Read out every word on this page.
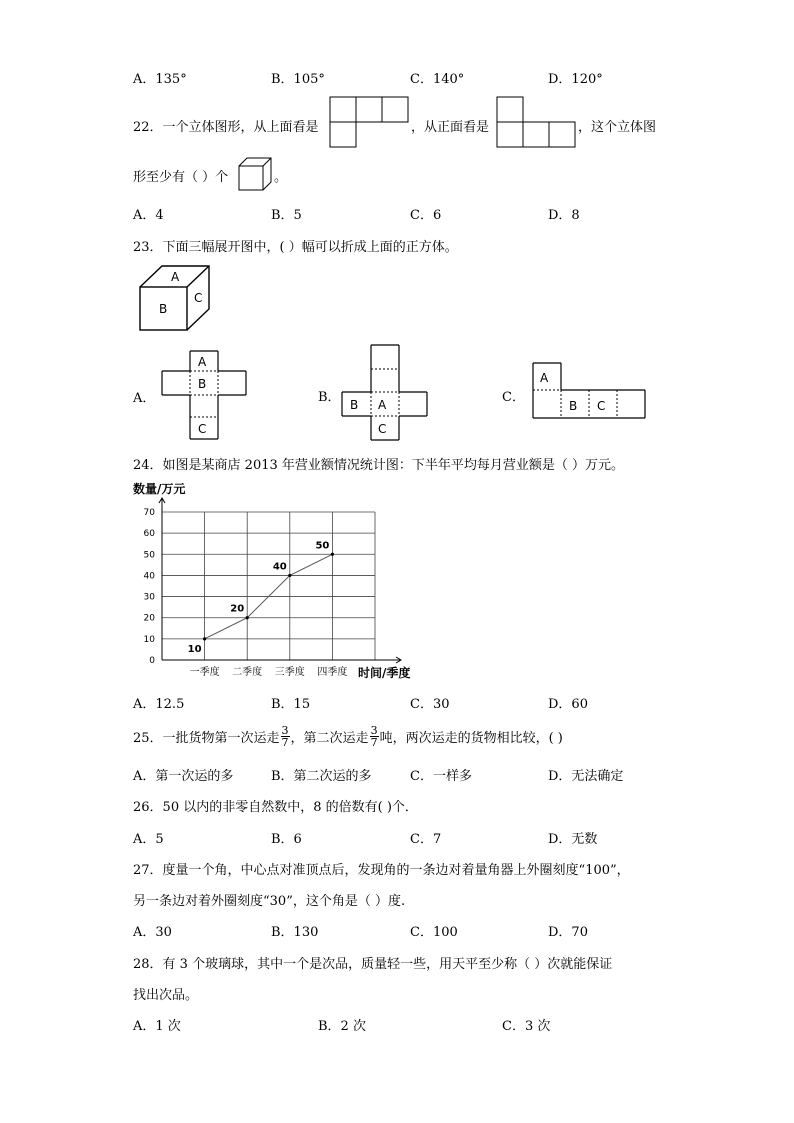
A．135°	B．105°	C．140°	D．120°
22．一个立体图形，从上面看是	，从正面看是	，这个立体图
形至少有（ ）个	。
A．4	B．5	C．6	D．8
23．下面三幅展开图中，( ）幅可以折成上面的正方体。
A
B
C
A．
A
B
C
B． B A
C
C．
A
B C
24．如图是某商店 2013 年营业额情况统计图：下半年平均每月营业额是（ ）万元。
0
10
20
30
40
50
60
70
一季度 二季度 三季度 四季度
10
20
40
50
数量/万元
时间/季度
A．12.5	B．15	C．30	D．60
25．一批货物第一次运走 $\frac{3}{7}$ ，第二次运走 $\frac{3}{7}$ 吨，两次运走的货物相比较，( )
A．第一次运的多	B．第二次运的多	C．一样多	D．无法确定
26．50 以内的非零自然数中，8 的倍数有( )个．
A．5	B．6	C．7	D．无数
27．度量一个角，中心点对准顶点后，发现角的一条边对着量角器上外圈刻度“100”，
另一条边对着外圈刻度“30”，这个角是（ ）度.
A．30	B．130	C．100	D．70
28．有 3 个玻璃球，其中一个是次品，质量轻一些，用天平至少称（ ）次就能保证
找出次品。
A．1 次	B．2 次	C．3 次
